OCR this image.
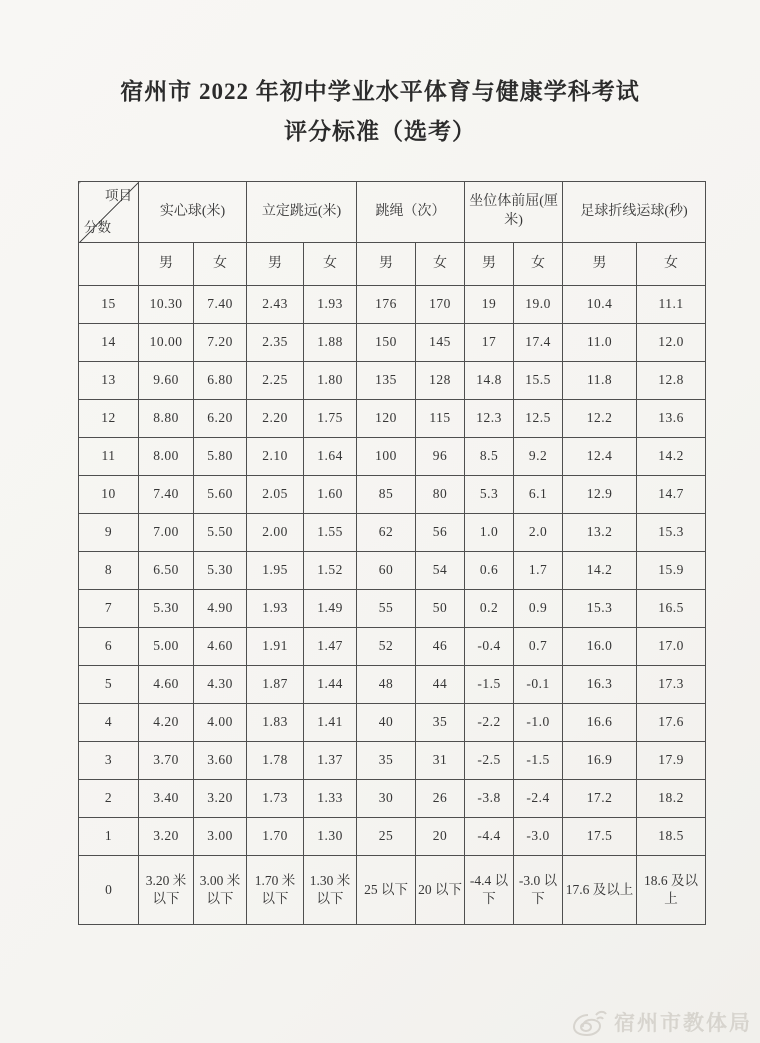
宿州市 2022 年初中学业水平体育与健康学科考试
评分标准（选考）
项目
分数	实心球(米)		立定跳远(米)		跳绳（次）		坐位体前屈(厘米)		足球折线运球(秒)	
	男	女	男	女	男	女	男	女	男	女
15	10.30	7.40	2.43	1.93	176	170	19	19.0	10.4	11.1
14	10.00	7.20	2.35	1.88	150	145	17	17.4	11.0	12.0
13	9.60	6.80	2.25	1.80	135	128	14.8	15.5	11.8	12.8
12	8.80	6.20	2.20	1.75	120	115	12.3	12.5	12.2	13.6
11	8.00	5.80	2.10	1.64	100	96	8.5	9.2	12.4	14.2
10	7.40	5.60	2.05	1.60	85	80	5.3	6.1	12.9	14.7
9	7.00	5.50	2.00	1.55	62	56	1.0	2.0	13.2	15.3
8	6.50	5.30	1.95	1.52	60	54	0.6	1.7	14.2	15.9
7	5.30	4.90	1.93	1.49	55	50	0.2	0.9	15.3	16.5
6	5.00	4.60	1.91	1.47	52	46	-0.4	0.7	16.0	17.0
5	4.60	4.30	1.87	1.44	48	44	-1.5	-0.1	16.3	17.3
4	4.20	4.00	1.83	1.41	40	35	-2.2	-1.0	16.6	17.6
3	3.70	3.60	1.78	1.37	35	31	-2.5	-1.5	16.9	17.9
2	3.40	3.20	1.73	1.33	30	26	-3.8	-2.4	17.2	18.2
1	3.20	3.00	1.70	1.30	25	20	-4.4	-3.0	17.5	18.5
0	3.20 米以下	3.00 米以下	1.70 米以下	1.30 米以下	25 以下	20 以下	-4.4 以下	-3.0 以下	17.6 及以上	18.6 及以上
宿州市教体局
